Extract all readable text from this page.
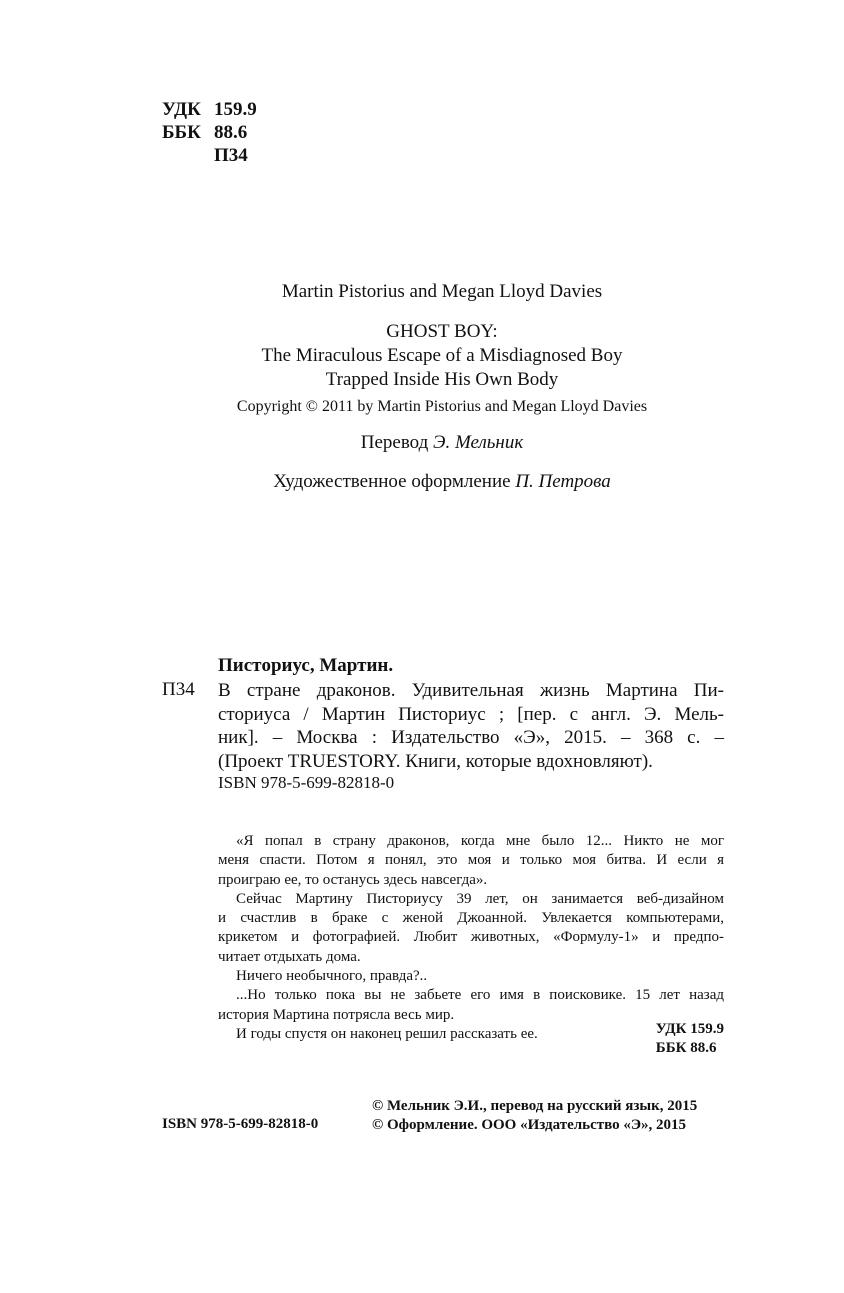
УДК 159.9
ББК 88.6
П34
Martin Pistorius and Megan Lloyd Davies
GHOST BOY:
The Miraculous Escape of a Misdiagnosed Boy
Trapped Inside His Own Body
Copyright © 2011 by Martin Pistorius and Megan Lloyd Davies
Перевод Э. Мельник
Художественное оформление П. Петрова
Пистoриус, Мартин.
П34 В стране драконов. Удивительная жизнь Мартина Пи-
сториуса / Мартин Писториус ; [пер. с англ. Э. Мель-
ник]. – Москва : Издательство «Э», 2015. – 368 с. –
(Проект TRUESTORY. Книги, которые вдохновляют).
ISBN 978-5-699-82818-0
«Я попал в страну драконов, когда мне было 12... Никто не мог
меня спасти. Потом я понял, это моя и только моя битва. И если я
проиграю ее, то останусь здесь навсегда».
Сейчас Мартину Писториусу 39 лет, он занимается веб-дизайном
и счастлив в браке с женой Джоанной. Увлекается компьютерами,
крикетом и фотографией. Любит животных, «Формулу-1» и предпо-
читает отдыхать дома.
Ничего необычного, правда?..
...Но только пока вы не забьете его имя в поисковике. 15 лет назад
история Мартина потрясла весь мир.
И годы спустя он наконец решил рассказать ее.	УДК 159.9
ББК 88.6
© Мельник Э.И., перевод на русский язык, 2015
© Оформление. ООО «Издательство «Э», 2015
ISBN 978-5-699-82818-0
